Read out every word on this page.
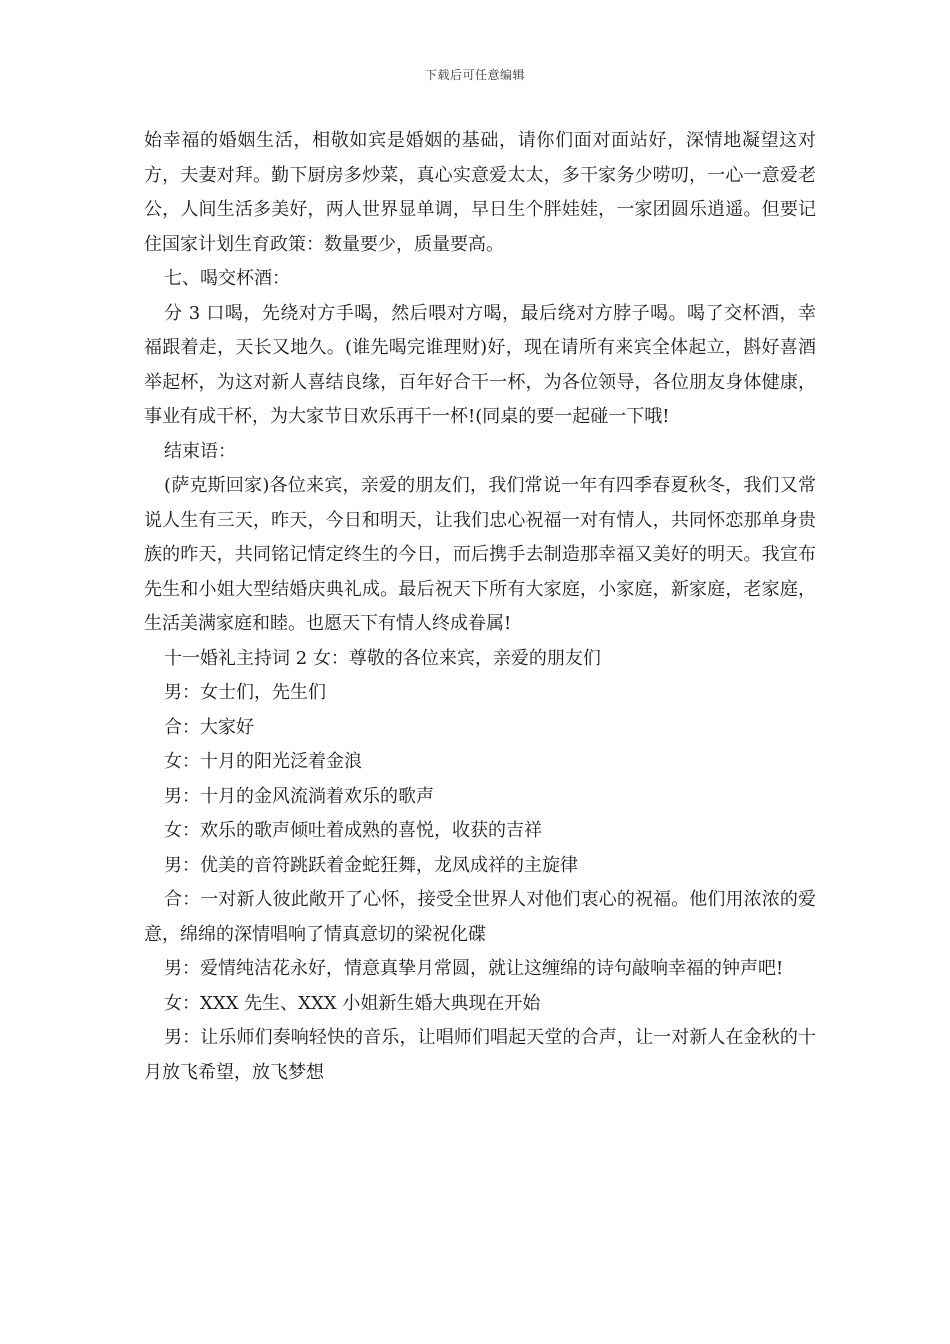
下载后可任意编辑

始幸福的婚姻生活，相敬如宾是婚姻的基础，请你们面对面站好，深情地凝望这对方，夫妻对拜。勤下厨房多炒菜，真心实意爱太太，多干家务少唠叨，一心一意爱老公，人间生活多美好，两人世界显单调，早日生个胖娃娃，一家团圆乐逍遥。但要记住国家计划生育政策：数量要少，质量要高。

七、喝交杯酒：

分 3 口喝，先绕对方手喝，然后喂对方喝，最后绕对方脖子喝。喝了交杯酒，幸福跟着走，天长又地久。(谁先喝完谁理财)好，现在请所有来宾全体起立，斟好喜酒举起杯，为这对新人喜结良缘，百年好合干一杯，为各位领导，各位朋友身体健康，事业有成干杯，为大家节日欢乐再干一杯!(同桌的要一起碰一下哦!

结束语：

(萨克斯回家)各位来宾，亲爱的朋友们，我们常说一年有四季春夏秋冬，我们又常说人生有三天，昨天，今日和明天，让我们忠心祝福一对有情人，共同怀恋那单身贵族的昨天，共同铭记情定终生的今日，而后携手去制造那幸福又美好的明天。我宣布先生和小姐大型结婚庆典礼成。最后祝天下所有大家庭，小家庭，新家庭，老家庭，生活美满家庭和睦。也愿天下有情人终成眷属!

十一婚礼主持词 2 女：尊敬的各位来宾，亲爱的朋友们

男：女士们，先生们

合：大家好

女：十月的阳光泛着金浪

男：十月的金风流淌着欢乐的歌声

女：欢乐的歌声倾吐着成熟的喜悦，收获的吉祥

男：优美的音符跳跃着金蛇狂舞，龙凤成祥的主旋律

合：一对新人彼此敞开了心怀，接受全世界人对他们衷心的祝福。他们用浓浓的爱意，绵绵的深情唱响了情真意切的梁祝化碟

男：爱情纯洁花永好，情意真挚月常圆，就让这缠绵的诗句敲响幸福的钟声吧!

女：XXX 先生、XXX 小姐新生婚大典现在开始

男：让乐师们奏响轻快的音乐，让唱师们唱起天堂的合声，让一对新人在金秋的十月放飞希望，放飞梦想
